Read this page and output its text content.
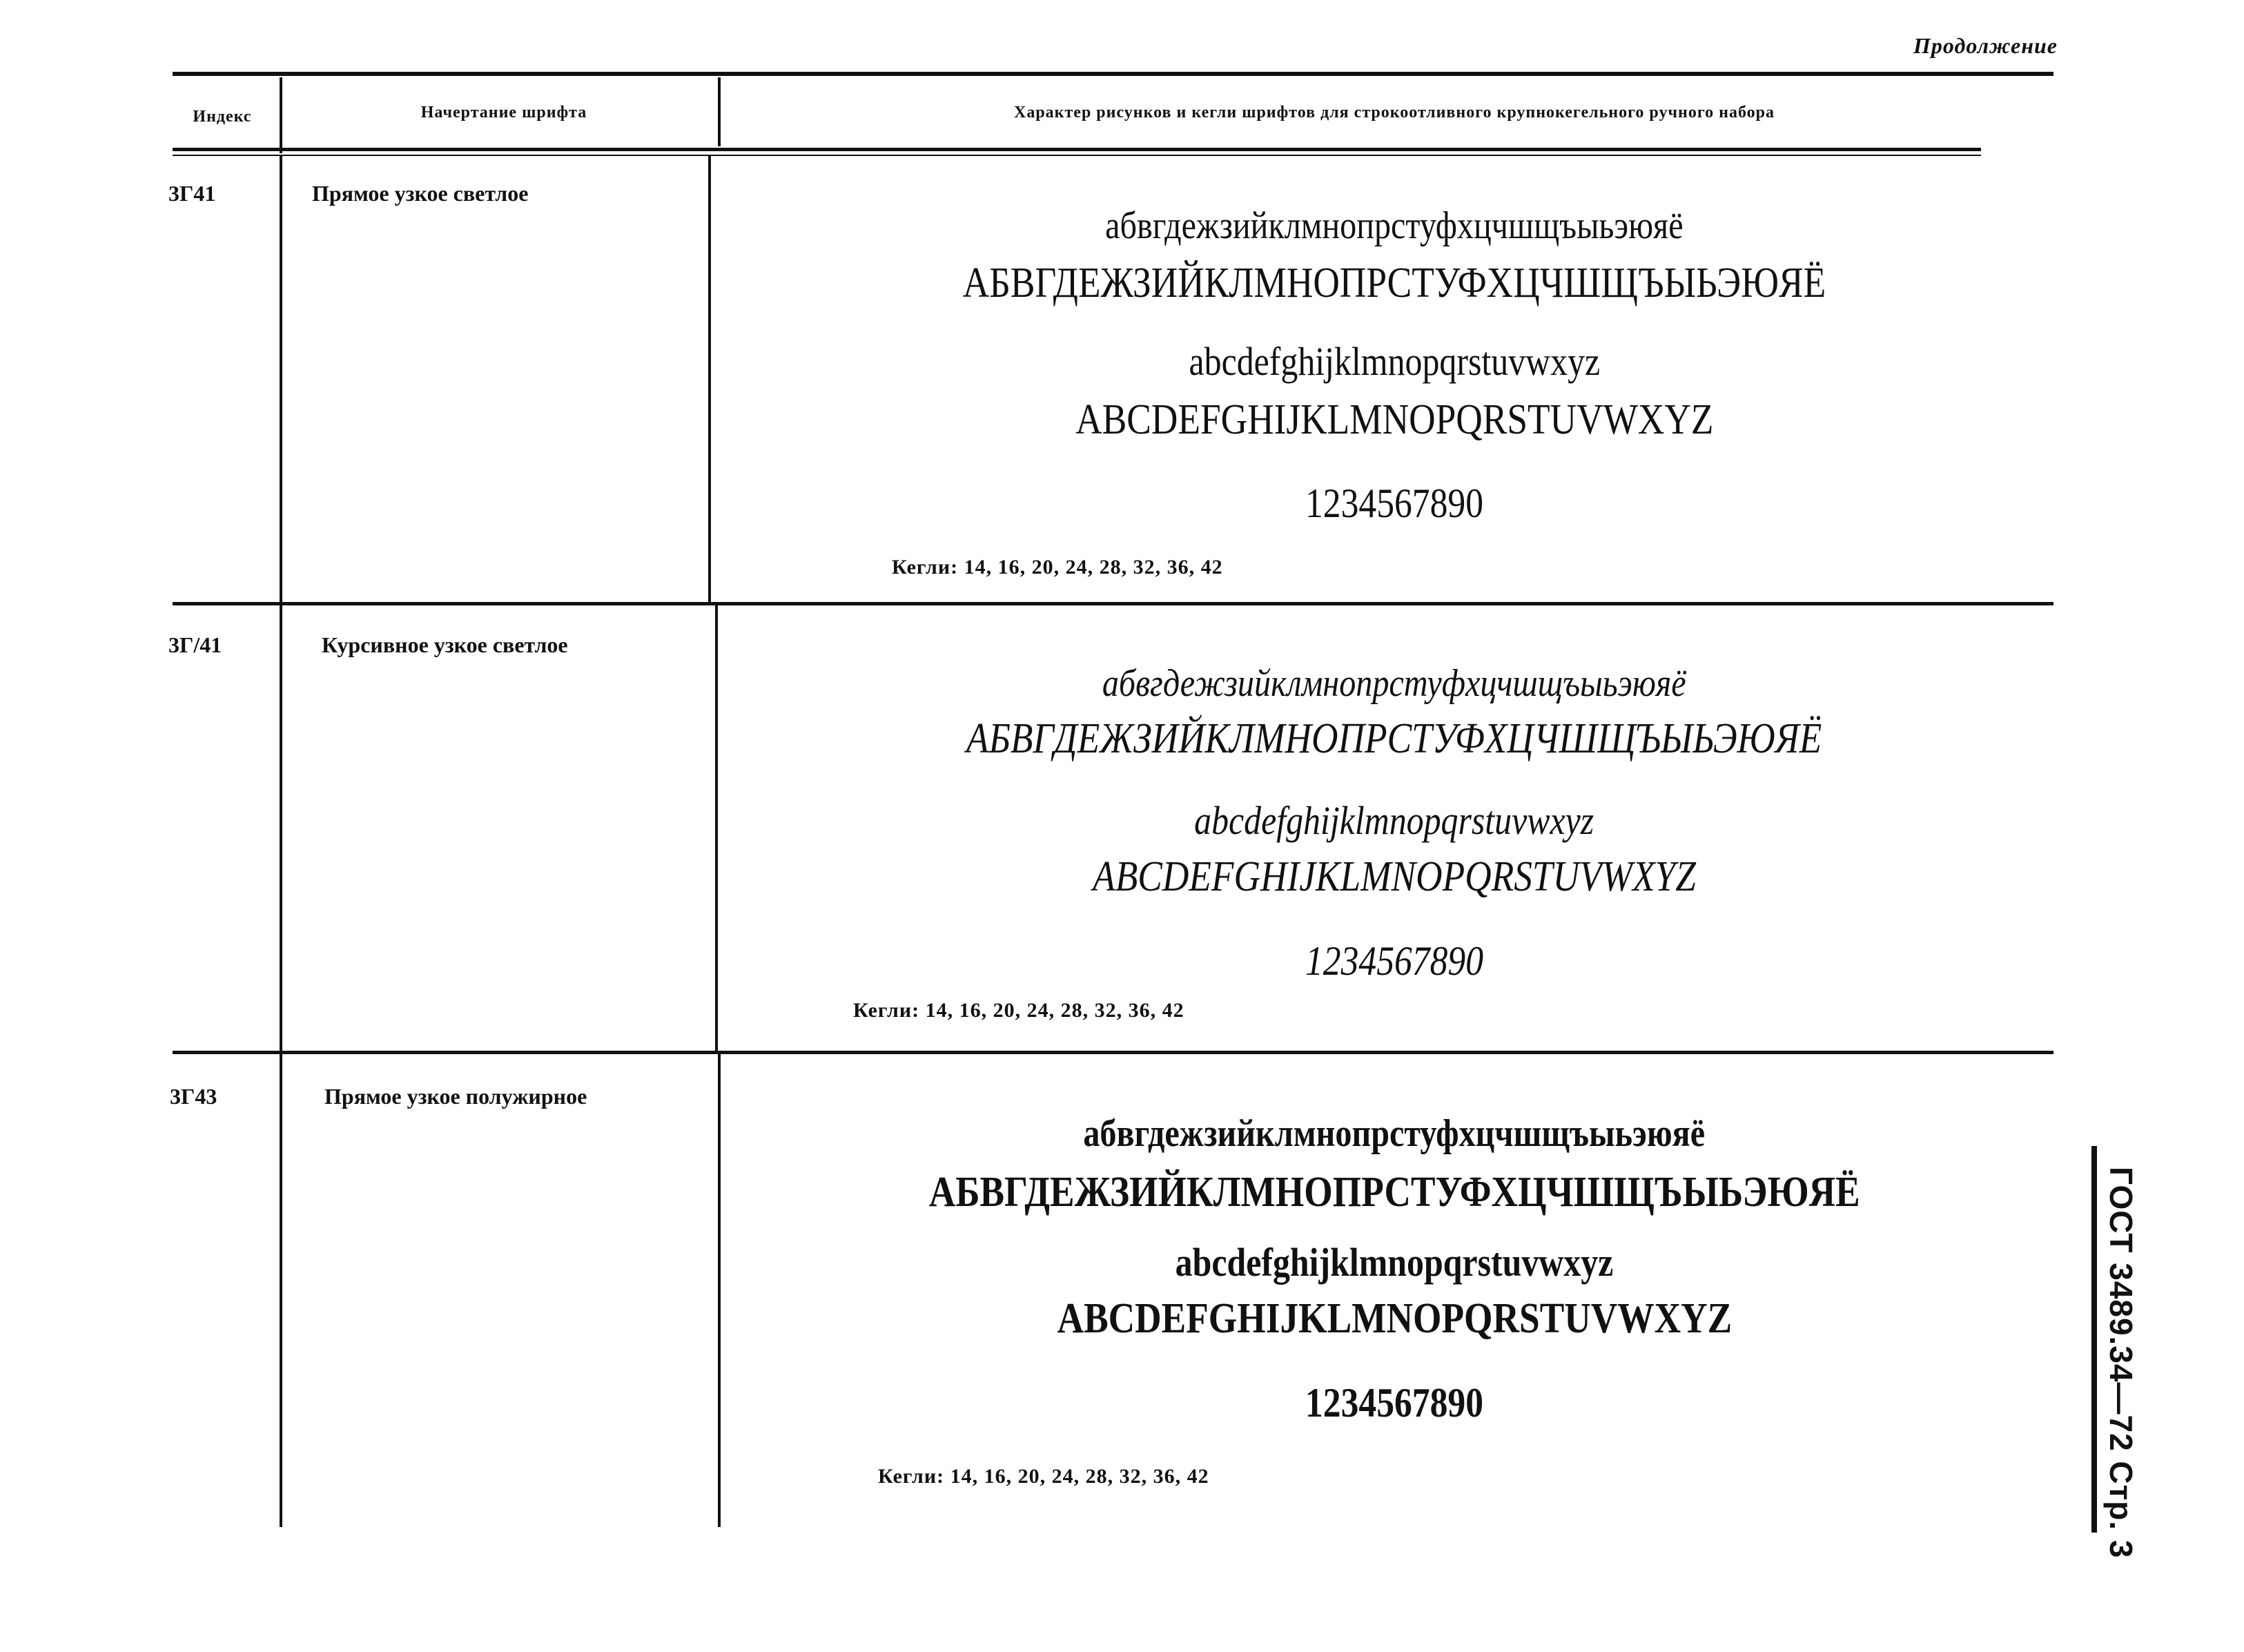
Продолжение
Индекс	Начертание шрифта	Характер рисунков и кегли шрифтов для строкоотливного крупнокегельного ручного набора
3Г41	Прямое узкое светлое
абвгдежзийклмнопрстуфхцчшщъыьэюяё
АБВГДЕЖЗИЙКЛМНОПРСТУФХЦЧШЩЪЫЬЭЮЯЁ
abcdefghijklmnopqrstuvwxyz
ABCDEFGHIJKLMNOPQRSTUVWXYZ
1234567890
Кегли: 14, 16, 20, 24, 28, 32, 36, 42
3Г/41	Курсивное узкое светлое
абвгдежзийклмнопрстуфхцчшщъыьэюяё
АБВГДЕЖЗИЙКЛМНОПРСТУФХЦЧШЩЪЫЬЭЮЯЁ
abcdefghijklmnopqrstuvwxyz
ABCDEFGHIJKLMNOPQRSTUVWXYZ
1234567890
Кегли: 14, 16, 20, 24, 28, 32, 36, 42
3Г43	Прямое узкое полужирное
абвгдежзийклмнопрстуфхцчшщъыьэюяё
АБВГДЕЖЗИЙКЛМНОПРСТУФХЦЧШЩЪЫЬЭЮЯЁ
abcdefghijklmnopqrstuvwxyz
ABCDEFGHIJKLMNOPQRSTUVWXYZ
1234567890
Кегли: 14, 16, 20, 24, 28, 32, 36, 42	ГОСТ 3489.34—72 Стр. 3
